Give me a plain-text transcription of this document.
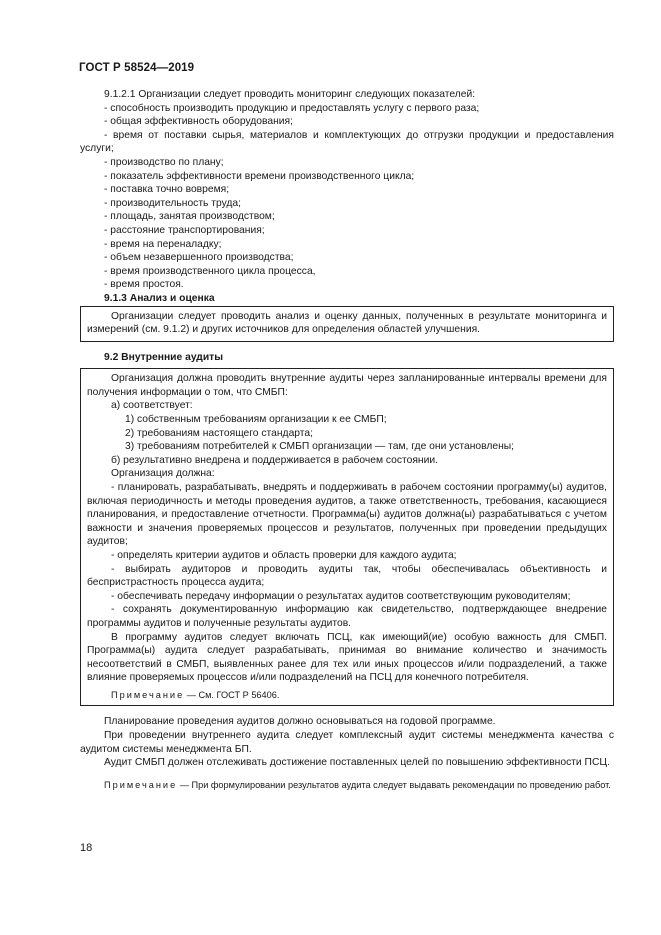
ГОСТ Р 58524—2019

9.1.2.1 Организации следует проводить мониторинг следующих показателей:

- способность производить продукцию и предоставлять услугу с первого раза;

- общая эффективность оборудования;

- время от поставки сырья, материалов и комплектующих до отгрузки продукции и предоставления услуги;

- производство по плану;

- показатель эффективности времени производственного цикла;

- поставка точно вовремя;

- производительность труда;

- площадь, занятая производством;

- расстояние транспортирования;

- время на переналадку;

- объем незавершенного производства;

- время производственного цикла процесса,

- время простоя.

9.1.3 Анализ и оценка

Организации следует проводить анализ и оценку данных, полученных в результате мониторинга и измерений (см. 9.1.2) и других источников для определения областей улучшения.

9.2 Внутренние аудиты

Организация должна проводить внутренние аудиты через запланированные интервалы времени для получения информации о том, что СМБП:

а) соответствует:

1) собственным требованиям организации к ее СМБП;

2) требованиям настоящего стандарта;

3) требованиям потребителей к СМБП организации — там, где они установлены;

б) результативно внедрена и поддерживается в рабочем состоянии.

Организация должна:

- планировать, разрабатывать, внедрять и поддерживать в рабочем состоянии программу(ы) аудитов, включая периодичность и методы проведения аудитов, а также ответственность, требования, касающиеся планирования, и предоставление отчетности. Программа(ы) аудитов должна(ы) разрабатываться с учетом важности и значения проверяемых процессов и результатов, полученных при проведении предыдущих аудитов;

- определять критерии аудитов и область проверки для каждого аудита;

- выбирать аудиторов и проводить аудиты так, чтобы обеспечивалась объективность и беспристрастность процесса аудита;

- обеспечивать передачу информации о результатах аудитов соответствующим руководителям;

- сохранять документированную информацию как свидетельство, подтверждающее внедрение программы аудитов и полученные результаты аудитов.

В программу аудитов следует включать ПСЦ, как имеющий(ие) особую важность для СМБП. Программа(ы) аудита следует разрабатывать, принимая во внимание количество и значимость несоответствий в СМБП, выявленных ранее для тех или иных процессов и/или подразделений, а также влияние проверяемых процессов и/или подразделений на ПСЦ для конечного потребителя.

Примечание — См. ГОСТ Р 56406.

Планирование проведения аудитов должно основываться на годовой программе.

При проведении внутреннего аудита следует комплексный аудит системы менеджмента качества с аудитом системы менеджмента БП.

Аудит СМБП должен отслеживать достижение поставленных целей по повышению эффективности ПСЦ.

Примечание — При формулировании результатов аудита следует выдавать рекомендации по проведению работ.

18
